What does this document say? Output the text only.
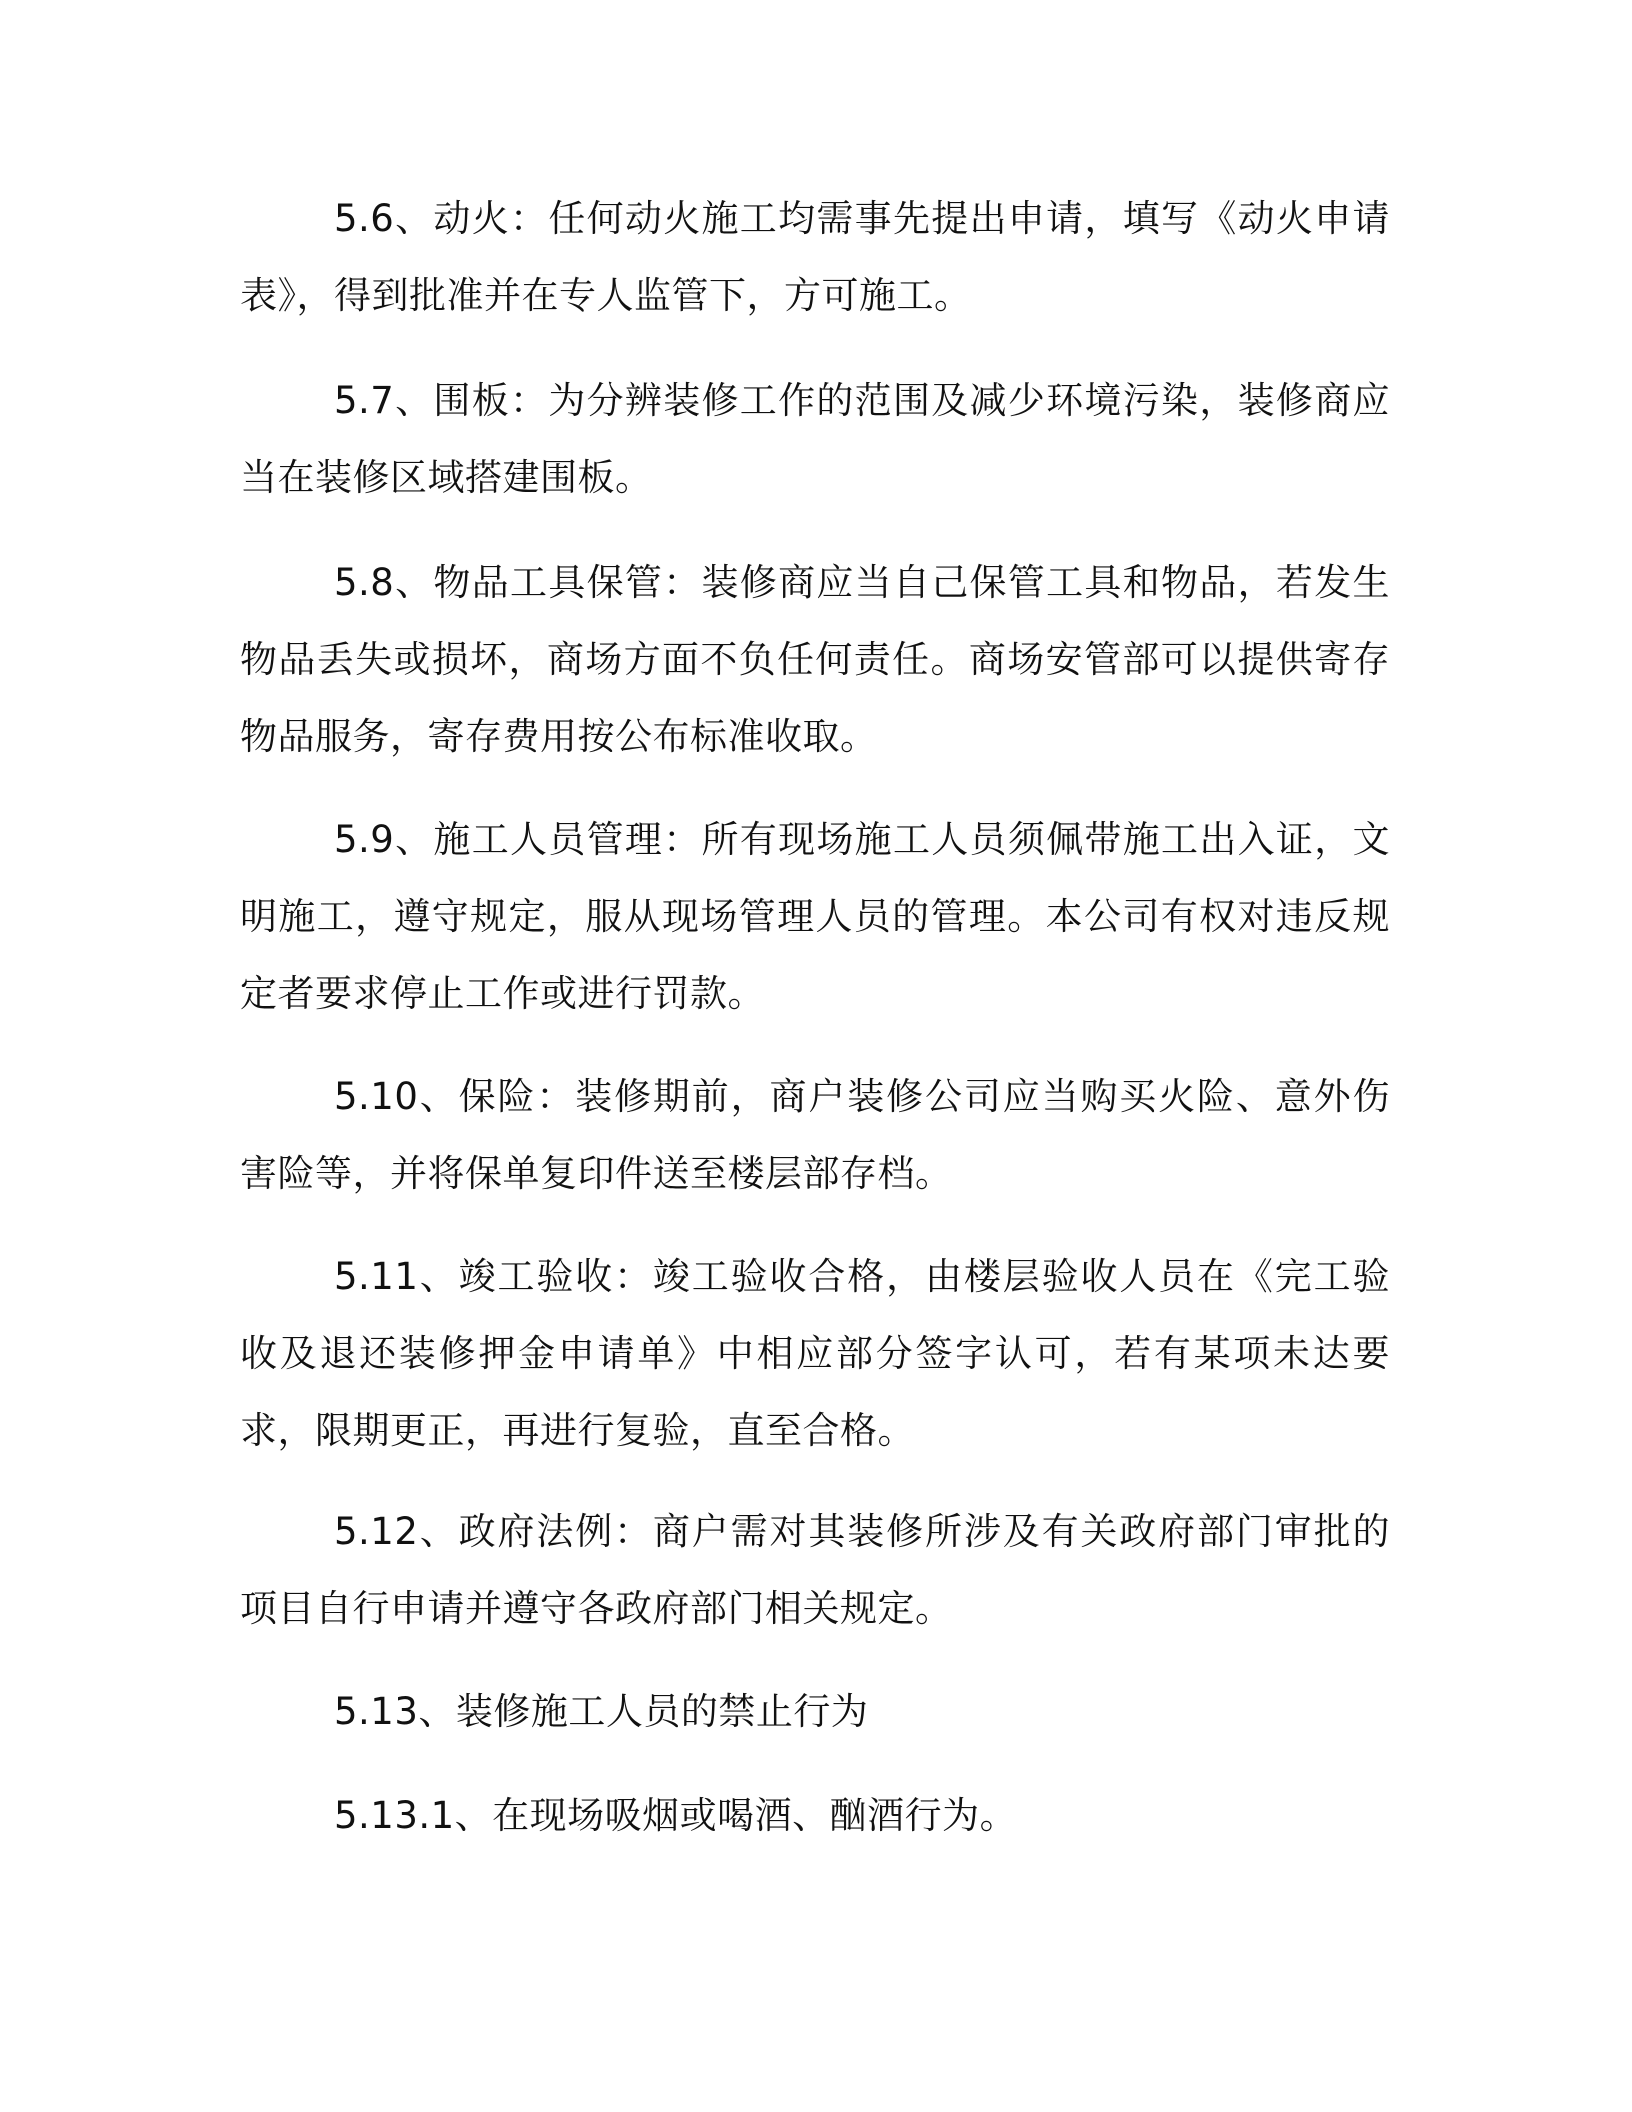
5.6、动火：任何动火施工均需事先提出申请，填写《动火申请表》，得到批准并在专人监管下，方可施工。

5.7、围板：为分辨装修工作的范围及减少环境污染，装修商应当在装修区域搭建围板。

5.8、物品工具保管：装修商应当自己保管工具和物品，若发生物品丢失或损坏，商场方面不负任何责任。商场安管部可以提供寄存物品服务，寄存费用按公布标准收取。

5.9、施工人员管理：所有现场施工人员须佩带施工出入证，文明施工，遵守规定，服从现场管理人员的管理。本公司有权对违反规定者要求停止工作或进行罚款。

5.10、保险：装修期前，商户装修公司应当购买火险、意外伤害险等，并将保单复印件送至楼层部存档。

5.11、竣工验收：竣工验收合格，由楼层验收人员在《完工验收及退还装修押金申请单》中相应部分签字认可，若有某项未达要求，限期更正，再进行复验，直至合格。

5.12、政府法例：商户需对其装修所涉及有关政府部门审批的项目自行申请并遵守各政府部门相关规定。

5.13、装修施工人员的禁止行为

5.13.1、在现场吸烟或喝酒、酗酒行为。
